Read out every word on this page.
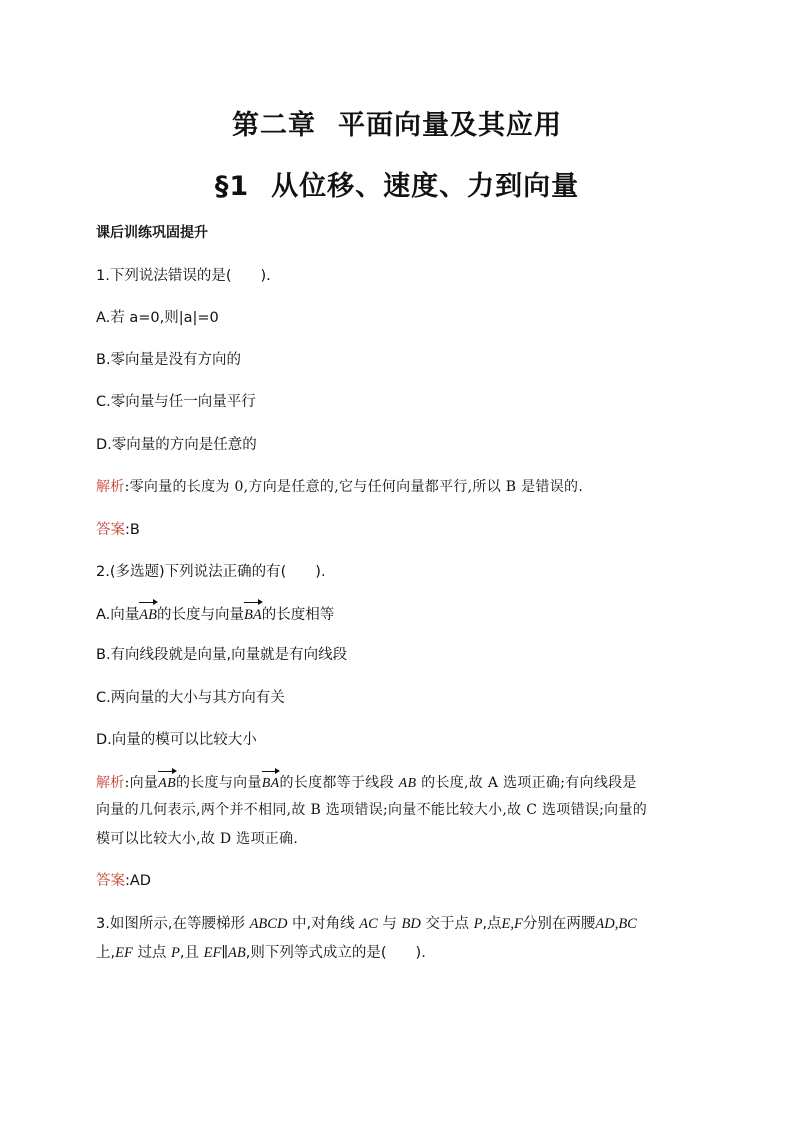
第二章 平面向量及其应用
§1 从位移、速度、力到向量
课后训练巩固提升
1.下列说法错误的是(　　).
A.若 a=0,则|a|=0
B.零向量是没有方向的
C.零向量与任一向量平行
D.零向量的方向是任意的
解析:零向量的长度为 0,方向是任意的,它与任何向量都平行,所以 B 是错误的.
答案:B
2.(多选题)下列说法正确的有(　　).
A.向量AB的长度与向量BA的长度相等
B.有向线段就是向量,向量就是有向线段
C.两向量的大小与其方向有关
D.向量的模可以比较大小
解析:向量AB的长度与向量BA的长度都等于线段 AB 的长度,故 A 选项正确;有向线段是
向量的几何表示,两个并不相同,故 B 选项错误;向量不能比较大小,故 C 选项错误;向量的
模可以比较大小,故 D 选项正确.
答案:AD
3.如图所示,在等腰梯形 ABCD 中,对角线 AC 与 BD 交于点 P,点E,F分别在两腰AD,BC
上,EF 过点 P,且 EF∥AB,则下列等式成立的是(　　).
